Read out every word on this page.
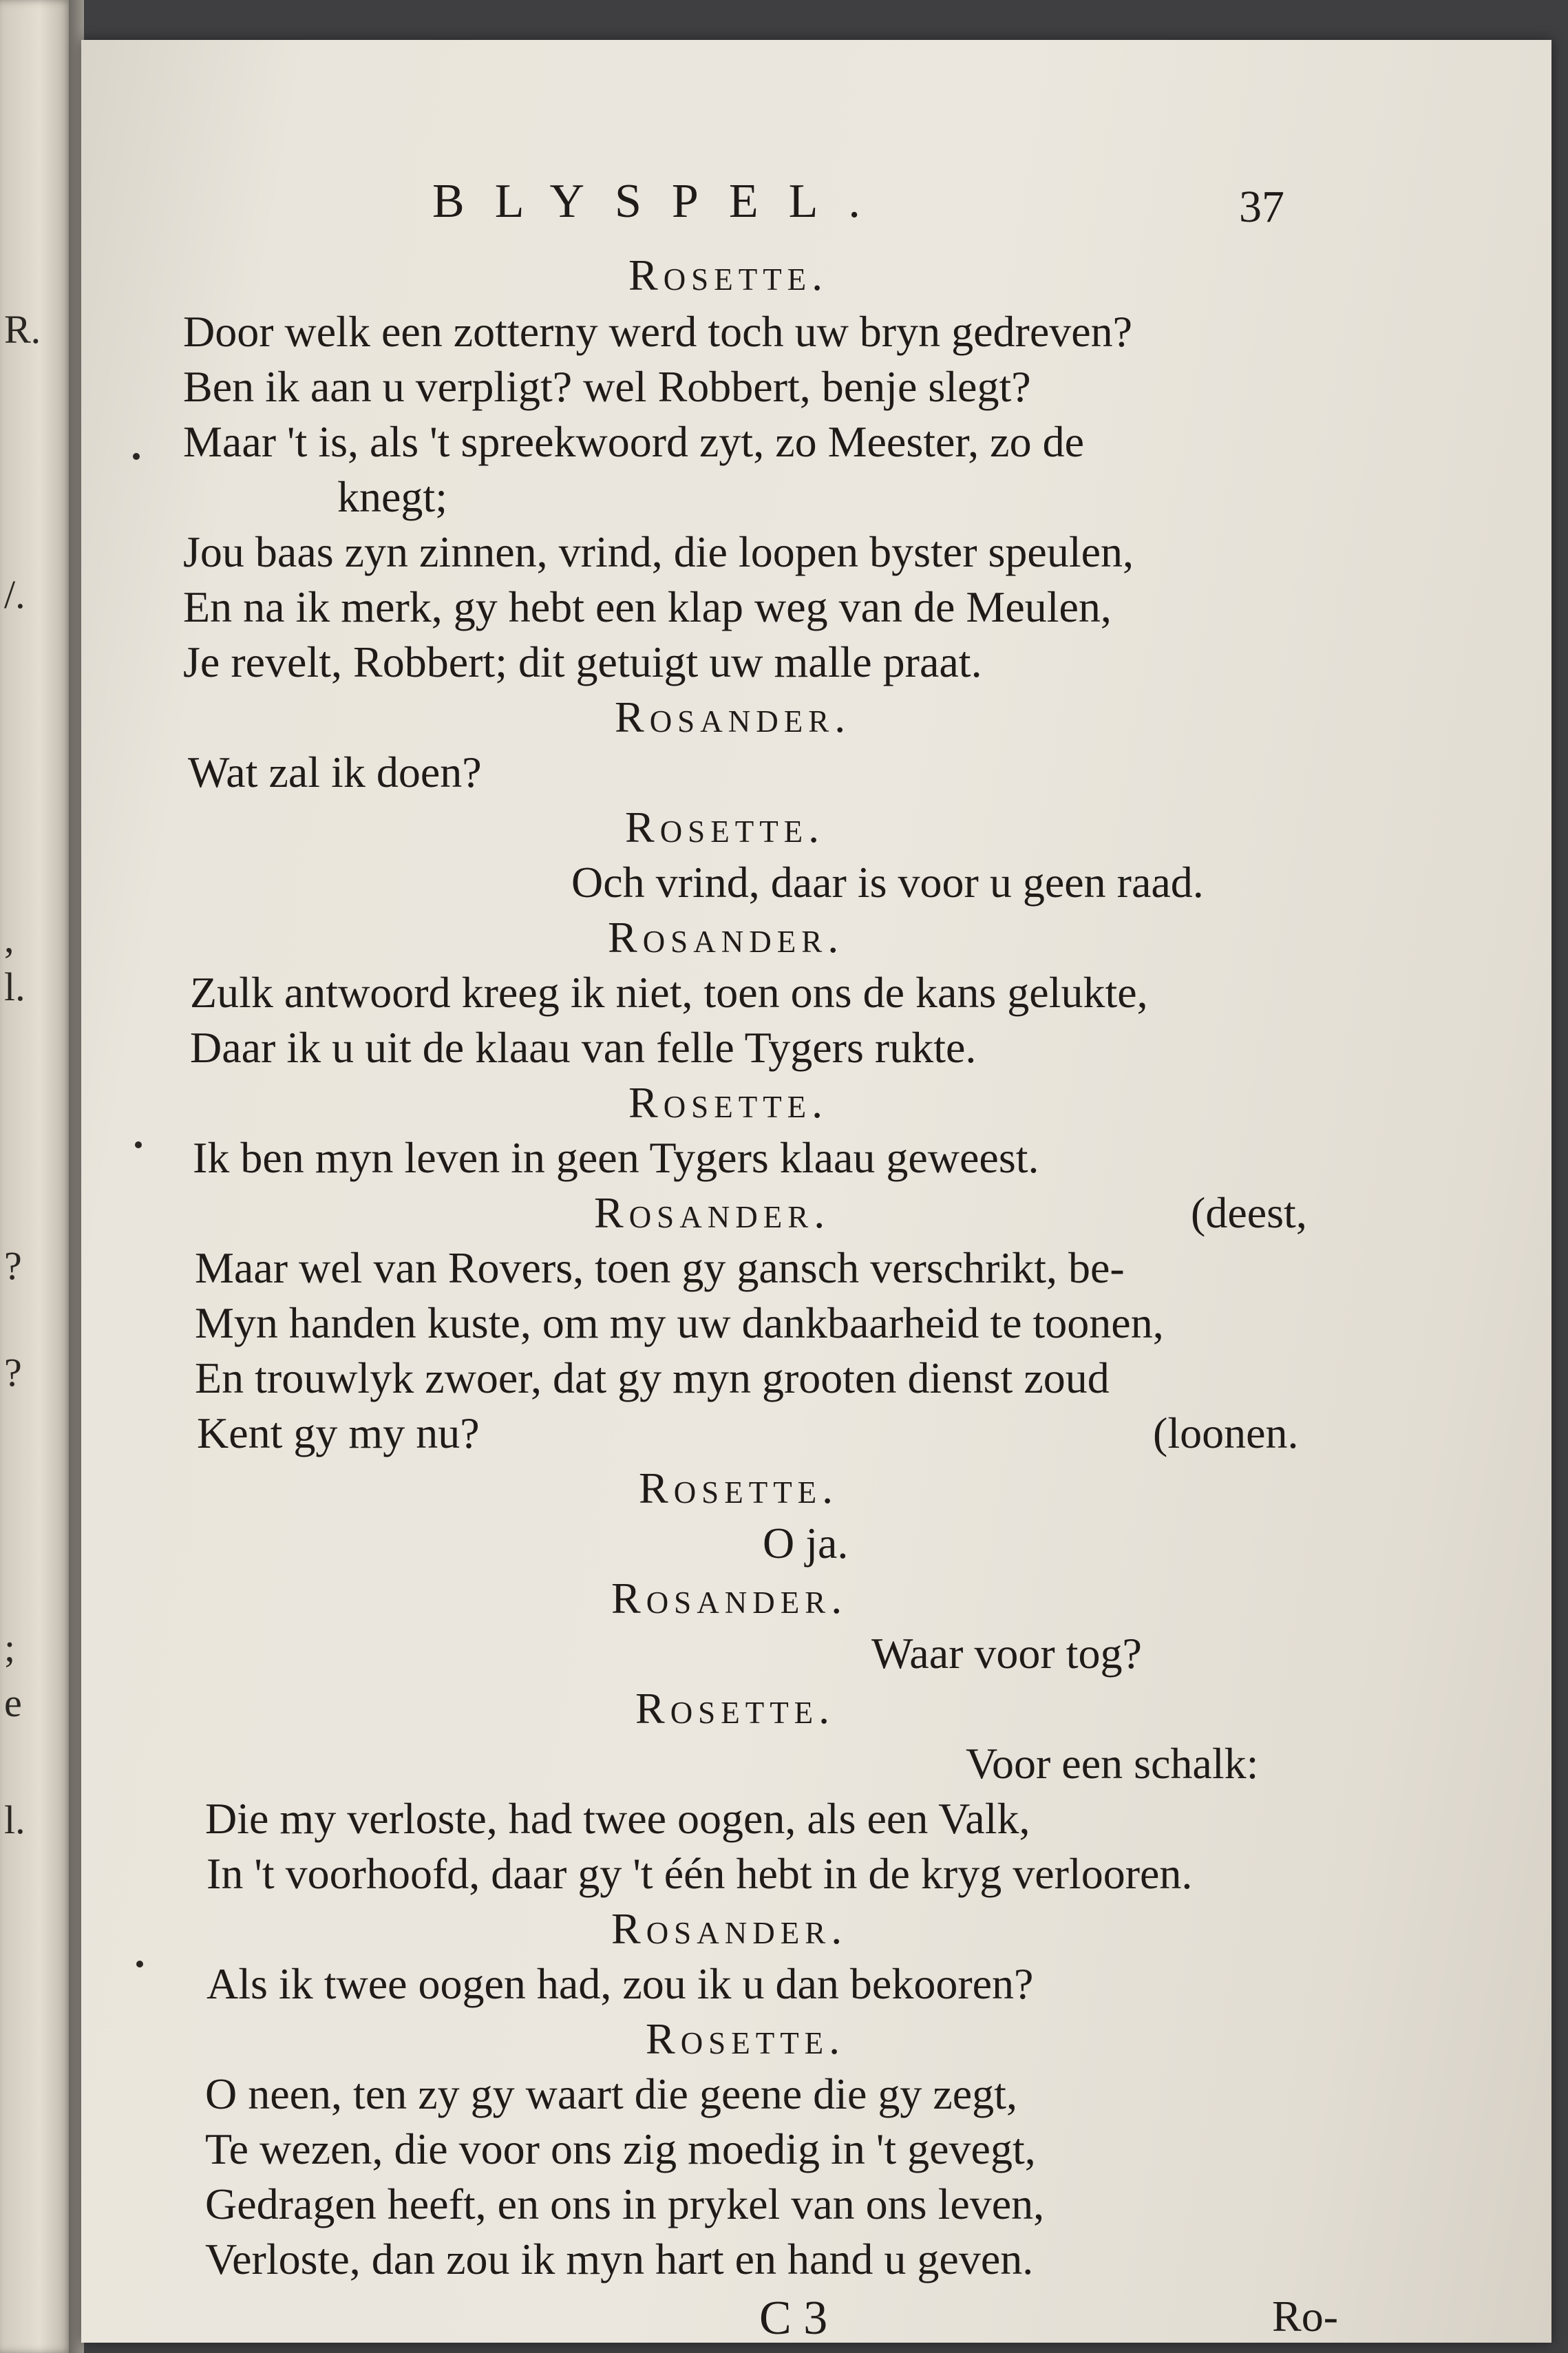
R.
/.
,
l.
?
?
;
e
l.
BLYSPEL.	37
Rosette.
Door welk een zotterny werd toch uw bryn gedreven?
Ben ik aan u verpligt? wel Robbert, benje slegt?
Maar 't is, als 't spreekwoord zyt, zo Meester, zo de
knegt;
Jou baas zyn zinnen, vrind, die loopen byster speulen,
En na ik merk, gy hebt een klap weg van de Meulen,
Je revelt, Robbert; dit getuigt uw malle praat.
Rosander.
Wat zal ik doen?
Rosette.
Och vrind, daar is voor u geen raad.
Rosander.
Zulk antwoord kreeg ik niet, toen ons de kans gelukte,
Daar ik u uit de klaau van felle Tygers rukte.
Rosette.
Ik ben myn leven in geen Tygers klaau geweest.
Rosander.	(deest,
Maar wel van Rovers, toen gy gansch verschrikt, be-
Myn handen kuste, om my uw dankbaarheid te toonen,
En trouwlyk zwoer, dat gy myn grooten dienst zoud
Kent gy my nu?	(loonen.
Rosette.
O ja.
Rosander.
Waar voor tog?
Rosette.
Voor een schalk:
Die my verloste, had twee oogen, als een Valk,
In 't voorhoofd, daar gy 't één hebt in de kryg verlooren.
Rosander.
Als ik twee oogen had, zou ik u dan bekooren?
Rosette.
O neen, ten zy gy waart die geene die gy zegt,
Te wezen, die voor ons zig moedig in 't gevegt,
Gedragen heeft, en ons in prykel van ons leven,
Verloste, dan zou ik myn hart en hand u geven.
C 3	Ro-
